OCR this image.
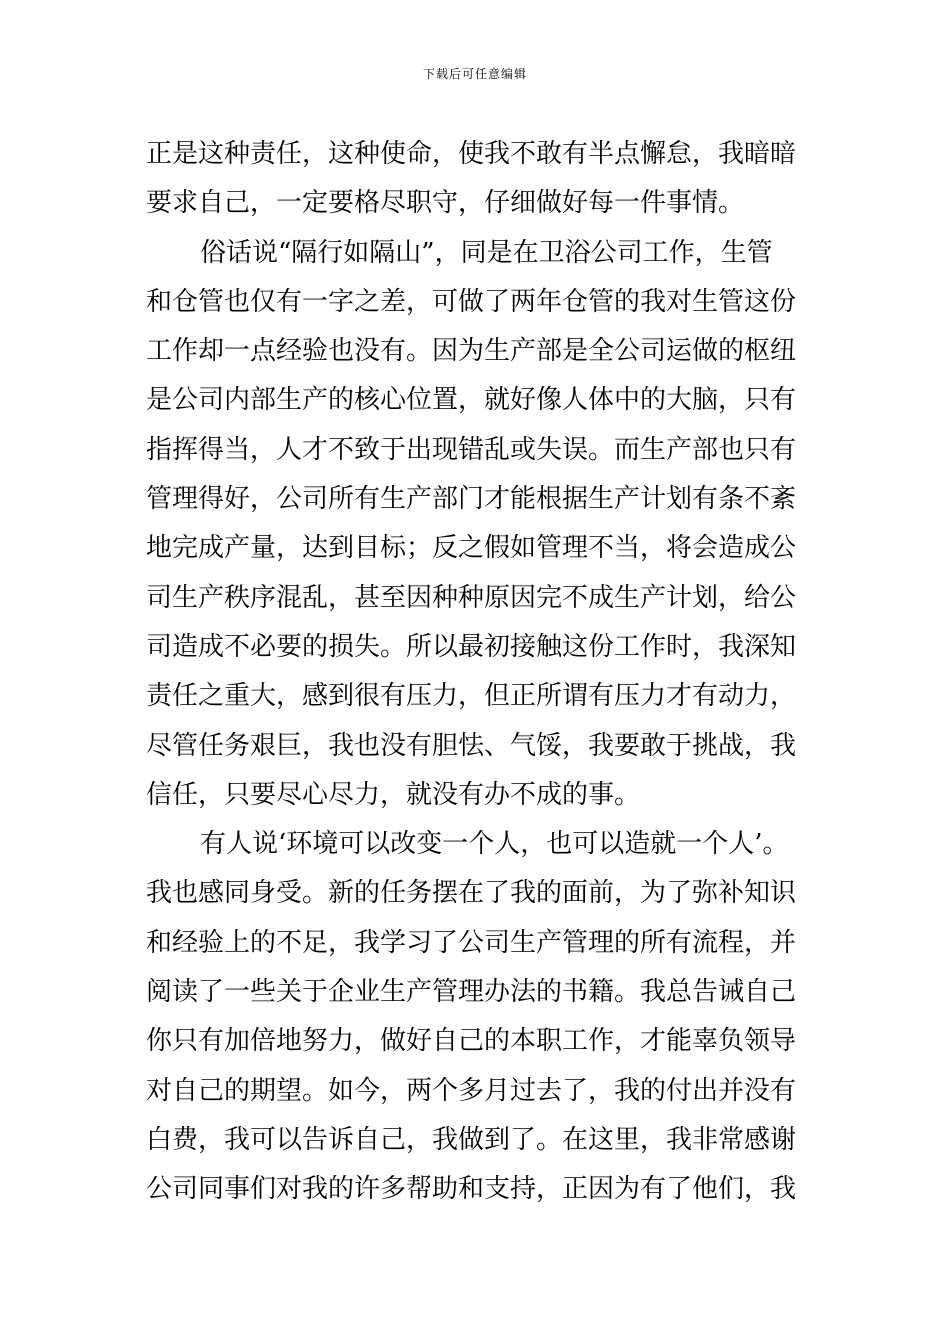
下载后可任意编辑
正是这种责任，这种使命，使我不敢有半点懈怠，我暗暗
要求自己，一定要格尽职守，仔细做好每一件事情。
俗话说“隔行如隔山”，同是在卫浴公司工作，生管
和仓管也仅有一字之差，可做了两年仓管的我对生管这份
工作却一点经验也没有。因为生产部是全公司运做的枢纽
是公司内部生产的核心位置，就好像人体中的大脑，只有
指挥得当，人才不致于出现错乱或失误。而生产部也只有
管理得好，公司所有生产部门才能根据生产计划有条不紊
地完成产量，达到目标；反之假如管理不当，将会造成公
司生产秩序混乱，甚至因种种原因完不成生产计划，给公
司造成不必要的损失。所以最初接触这份工作时，我深知
责任之重大，感到很有压力，但正所谓有压力才有动力，
尽管任务艰巨，我也没有胆怯、气馁，我要敢于挑战，我
信任，只要尽心尽力，就没有办不成的事。
有人说‘环境可以改变一个人，也可以造就一个人’。
我也感同身受。新的任务摆在了我的面前，为了弥补知识
和经验上的不足，我学习了公司生产管理的所有流程，并
阅读了一些关于企业生产管理办法的书籍。我总告诫自己
你只有加倍地努力，做好自己的本职工作，才能辜负领导
对自己的期望。如今，两个多月过去了，我的付出并没有
白费，我可以告诉自己，我做到了。在这里，我非常感谢
公司同事们对我的许多帮助和支持，正因为有了他们，我
